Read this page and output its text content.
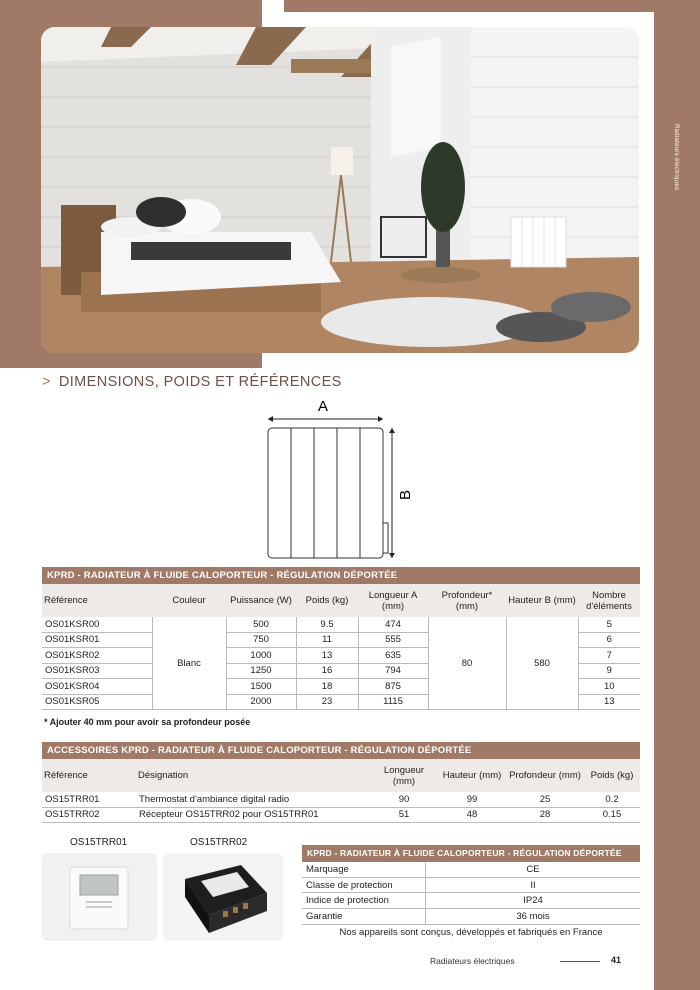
Radiateurs électriques
> DIMENSIONS, POIDS ET RÉFÉRENCES
A
B
KPRD - RADIATEUR À FLUIDE CALOPORTEUR - RÉGULATION DÉPORTÉE
Référence	Couleur	Puissance (W)	Poids (kg)	Longueur A (mm)	Profondeur* (mm)	Hauteur B (mm)	Nombre d'éléments
OS01KSR00	Blanc	500	9.5	474	80	580	5
OS01KSR01		750	11	555			6
OS01KSR02		1000	13	635			7
OS01KSR03		1250	16	794			9
OS01KSR04		1500	18	875			10
OS01KSR05		2000	23	1115			13
* Ajouter 40 mm pour avoir sa profondeur posée
ACCESSOIRES KPRD - RADIATEUR À FLUIDE CALOPORTEUR - RÉGULATION DÉPORTÉE
Référence	Désignation	Longueur (mm)	Hauteur (mm)	Profondeur (mm)	Poids (kg)
OS15TRR01	Thermostat d'ambiance digital radio	90	99	25	0.2
OS15TRR02	Récepteur OS15TRR02 pour OS15TRR01	51	48	28	0.15
OS15TRR01	OS15TRR02
KPRD - RADIATEUR À FLUIDE CALOPORTEUR - RÉGULATION DÉPORTÉE
Marquage	CE
Classe de protection	II
Indice de protection	IP24
Garantie	36 mois
Nos appareils sont conçus, développés et fabriqués en France	
Radiateurs électriques	41
